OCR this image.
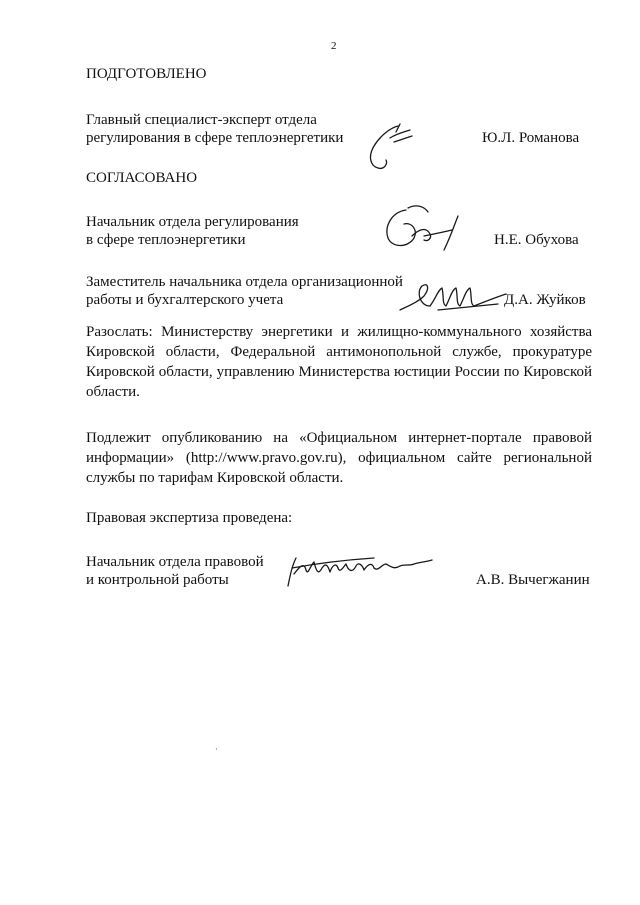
2
ПОДГОТОВЛЕНО
Главный специалист-эксперт отдела
регулирования в сфере теплоэнергетики	Ю.Л. Романова
СОГЛАСОВАНО
Начальник отдела регулирования
в сфере теплоэнергетики	Н.Е. Обухова
Заместитель начальника отдела организационной
работы и бухгалтерского учета	Д.А. Жуйков
Разослать: Министерству энергетики и жилищно-коммунального хозяйства Кировской области, Федеральной антимонопольной службе, прокуратуре Кировской области, управлению Министерства юстиции России по Кировской области.
Подлежит опубликованию на «Официальном интернет-портале правовой информации» (http://www.pravo.gov.ru), официальном сайте региональной службы по тарифам Кировской области.
Правовая экспертиза проведена:
Начальник отдела правовой
и контрольной работы	А.В. Вычегжанин
·
